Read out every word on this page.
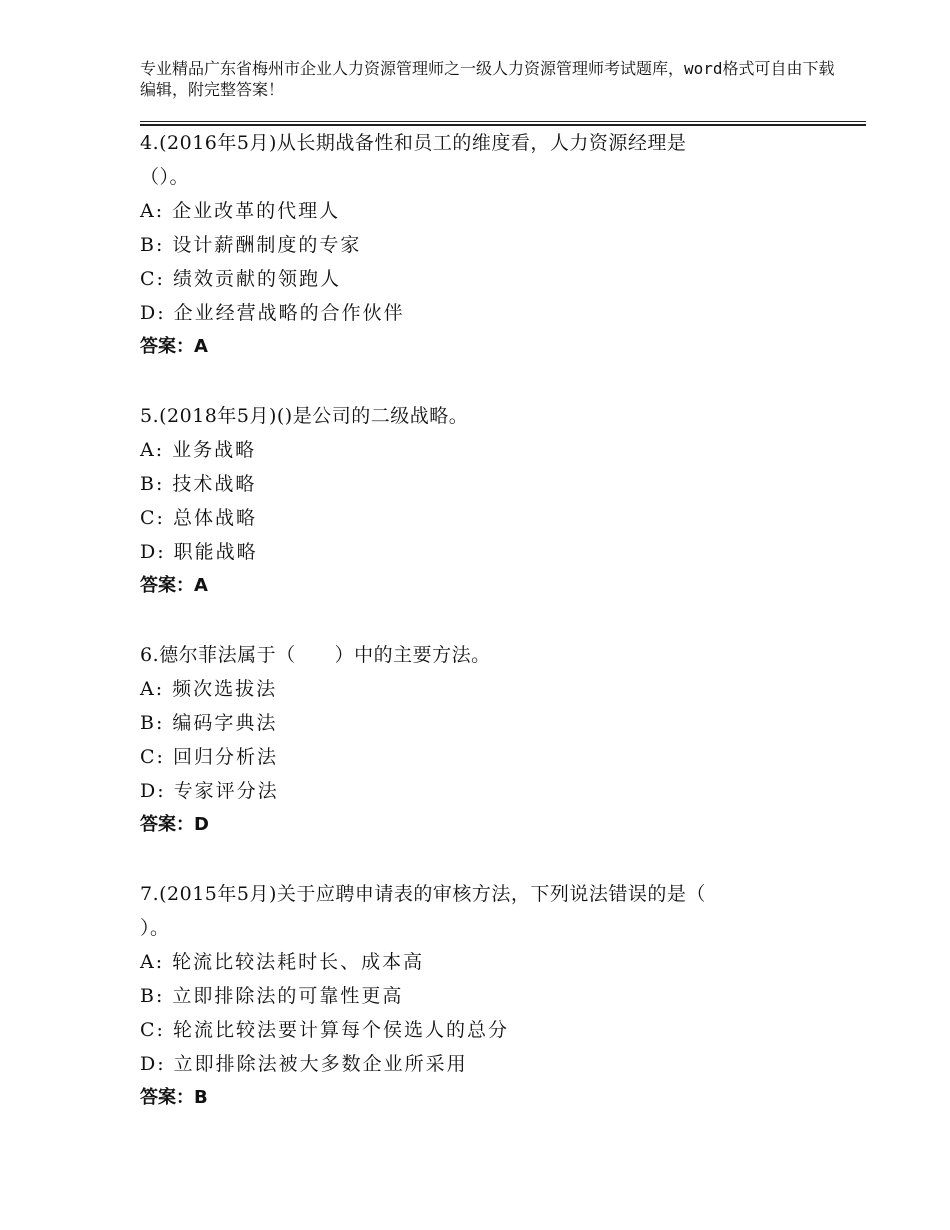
专业精品广东省梅州市企业人力资源管理师之一级人力资源管理师考试题库，word格式可自由下载编辑，附完整答案！

4.(2016年5月)从长期战备性和员工的维度看，人力资源经理是

（）。

A: 企业改革的代理人

B: 设计薪酬制度的专家

C: 绩效贡献的领跑人

D: 企业经营战略的合作伙伴

答案：A

5.(2018年5月)()是公司的二级战略。

A: 业务战略

B: 技术战略

C: 总体战略

D: 职能战略

答案：A

6.德尔菲法属于（　　）中的主要方法。

A: 频次选拔法

B: 编码字典法

C: 回归分析法

D: 专家评分法

答案：D

7.(2015年5月)关于应聘申请表的审核方法，下列说法错误的是（

）。

A: 轮流比较法耗时长、成本高

B: 立即排除法的可靠性更高

C: 轮流比较法要计算每个侯选人的总分

D: 立即排除法被大多数企业所采用

答案：B
